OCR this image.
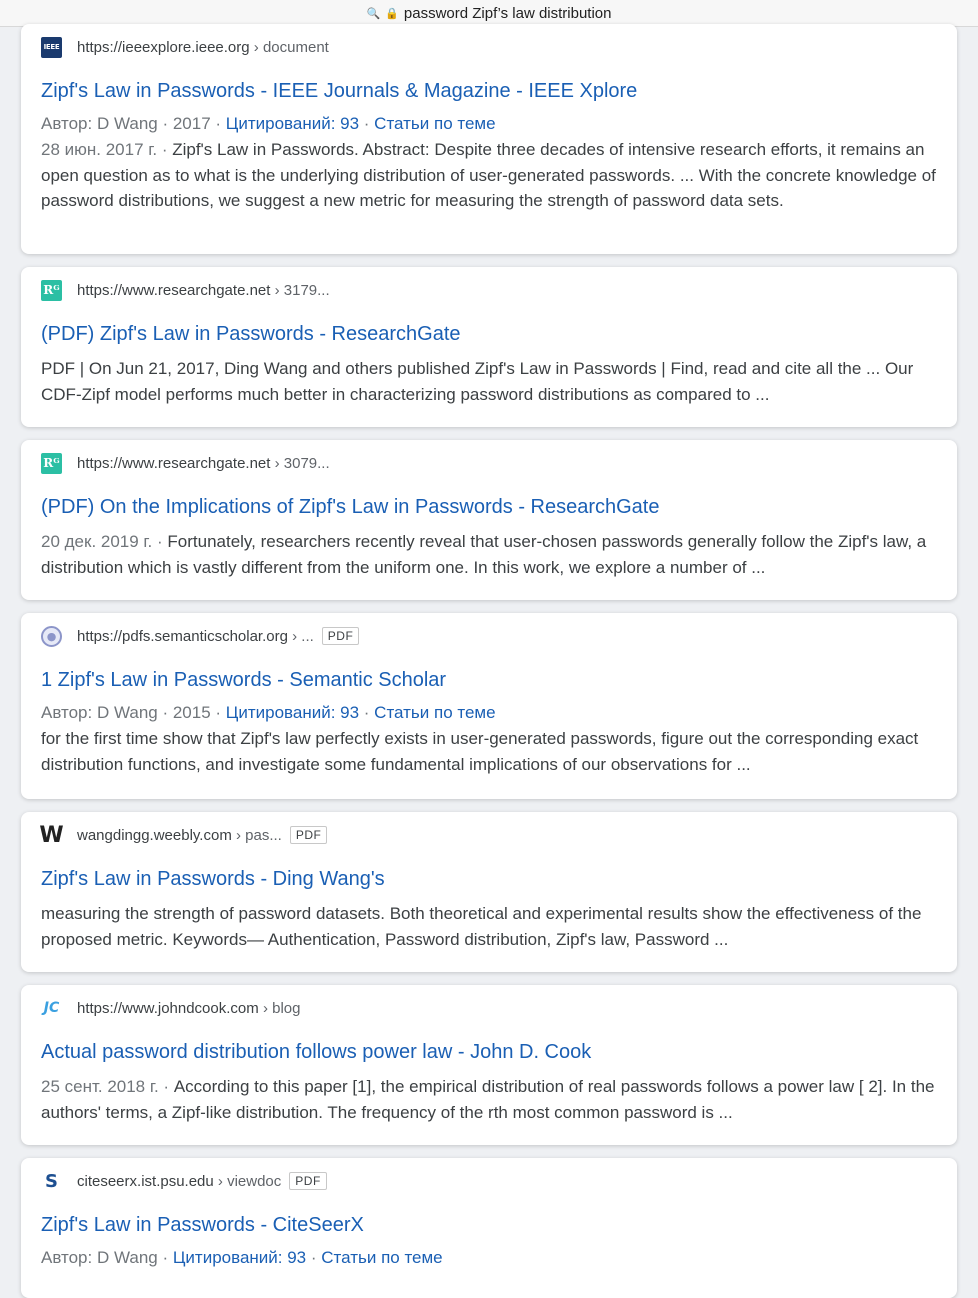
🔍 🔒 password Zipf’s law distribution
IEEE https://ieeexplore.ieee.org
› document
Zipf's Law in Passwords - IEEE Journals & Magazine - IEEE Xplore
Автор: D Wang · 2017 · Цитирований: 93 · Статьи по теме
28 июн. 2017 г. · Zipf's Law in Passwords. Abstract: Despite three decades of intensive research efforts, it remains an open question as to what is the underlying distribution of user-generated passwords. ... With the concrete knowledge of password distributions, we suggest a new metric for measuring the strength of password data sets.
Rᴳ https://www.researchgate.net
› 3179...
(PDF) Zipf's Law in Passwords - ResearchGate
PDF | On Jun 21, 2017, Ding Wang and others published Zipf's Law in Passwords | Find, read and cite all the ... Our CDF-Zipf model performs much better in characterizing password distributions as compared to ...
Rᴳ https://www.researchgate.net
› 3079...
(PDF) On the Implications of Zipf's Law in Passwords - ResearchGate
20 дек. 2019 г. · Fortunately, researchers recently reveal that user-chosen passwords generally follow the Zipf's law, a distribution which is vastly different from the uniform one. In this work, we explore a number of ...
●	https://pdfs.semanticscholar.org
› ...	PDF
1 Zipf's Law in Passwords - Semantic Scholar
Автор: D Wang · 2015 · Цитирований: 93 · Статьи по теме
for the first time show that Zipf's law perfectly exists in user-generated passwords, figure out the corresponding exact distribution functions, and investigate some fundamental implications of our observations for ...
W wangdingg.weebly.com
› pas...	PDF
Zipf's Law in Passwords - Ding Wang's
measuring the strength of password datasets. Both theoretical and experimental results show the effectiveness of the proposed metric. Keywords— Authentication, Password distribution, Zipf's law, Password ...
JC https://www.johndcook.com
› blog
Actual password distribution follows power law - John D. Cook
25 сент. 2018 г. · According to this paper [1], the empirical distribution of real passwords follows a power law [ 2]. In the authors' terms, a Zipf-like distribution. The frequency of the rth most common password is ...
S citeseerx.ist.psu.edu
› viewdoc	PDF
Zipf's Law in Passwords - CiteSeerX
Автор: D Wang · Цитирований: 93 · Статьи по теме
